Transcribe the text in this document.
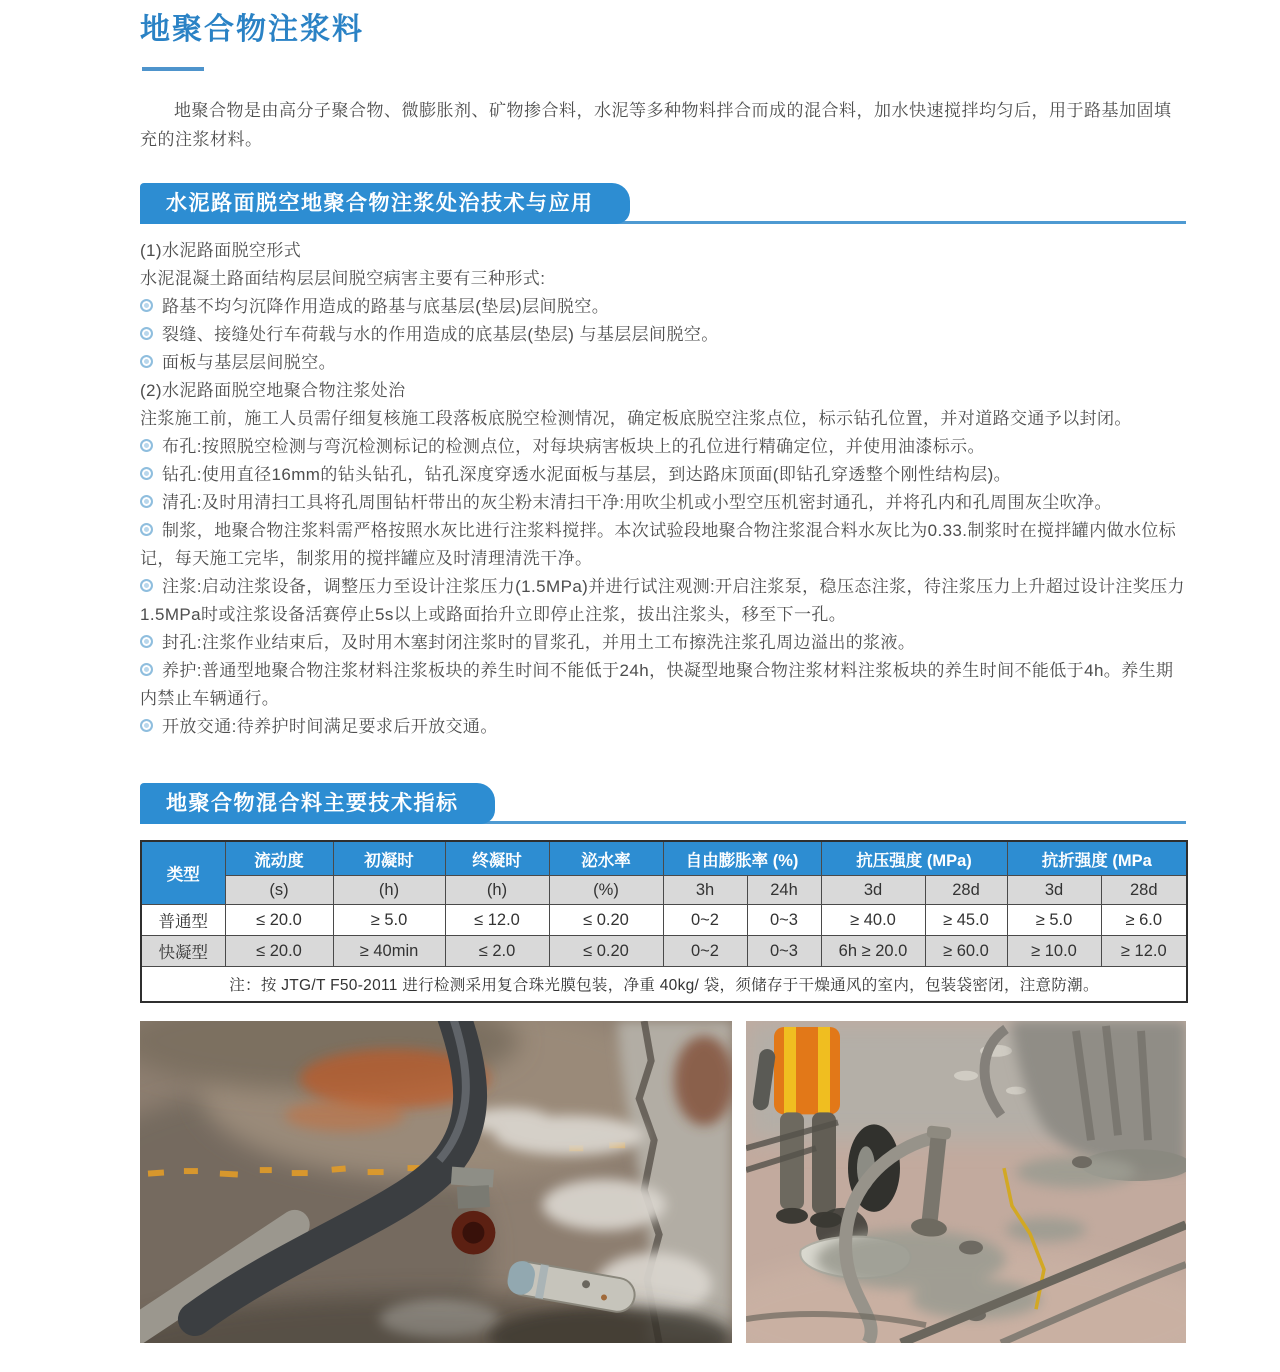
地聚合物注浆料

地聚合物是由高分子聚合物、微膨胀剂、矿物掺合料，水泥等多种物料拌合而成的混合料，加水快速搅拌均匀后，用于路基加固填充的注浆材料。

水泥路面脱空地聚合物注浆处治技术与应用

(1)水泥路面脱空形式

水泥混凝土路面结构层层间脱空病害主要有三种形式:

路基不均匀沉降作用造成的路基与底基层(垫层)层间脱空。

裂缝、接缝处行车荷载与水的作用造成的底基层(垫层) 与基层层间脱空。

面板与基层层间脱空。

(2)水泥路面脱空地聚合物注浆处治

注浆施工前，施工人员需仔细复核施工段落板底脱空检测情况，确定板底脱空注浆点位，标示钻孔位置，并对道路交通予以封闭。

布孔:按照脱空检测与弯沉检测标记的检测点位，对每块病害板块上的孔位进行精确定位，并使用油漆标示。

钻孔:使用直径16mm的钻头钻孔，钻孔深度穿透水泥面板与基层，到达路床顶面(即钻孔穿透整个刚性结构层)。

清孔:及时用清扫工具将孔周围钻杆带出的灰尘粉末清扫干净:用吹尘机或小型空压机密封通孔，并将孔内和孔周围灰尘吹净。

制浆，地聚合物注浆料需严格按照水灰比进行注浆料搅拌。本次试验段地聚合物注浆混合料水灰比为0.33.制浆时在搅拌罐内做水位标记，每天施工完毕，制浆用的搅拌罐应及时清理清洗干净。

注浆:启动注浆设备，调整压力至设计注浆压力(1.5MPa)并进行试注观测:开启注浆泵，稳压态注浆，待注浆压力上升超过设计注奖压力1.5MPa时或注浆设备活赛停止5s以上或路面抬升立即停止注浆，拔出注浆头，移至下一孔。

封孔:注浆作业结束后，及时用木塞封闭注浆时的冒浆孔，并用土工布擦洗注浆孔周边溢出的浆液。

养护:普通型地聚合物注浆材料注浆板块的养生时间不能低于24h，快凝型地聚合物注浆材料注浆板块的养生时间不能低于4h。养生期内禁止车辆通行。

开放交通:待养护时间满足要求后开放交通。

地聚合物混合料主要技术指标
类型	流动度	初凝时	终凝时	泌水率	自由膨胀率 (%)		抗压强度 (MPa)		抗折强度 (MPa	
	(s)	(h)	(h)	(%)	3h	24h	3d	28d	3d	28d
普通型	≤ 20.0	≥ 5.0	≤ 12.0	≤ 0.20	0~2	0~3	≥ 40.0	≥ 45.0	≥ 5.0	≥ 6.0
快凝型	≤ 20.0	≥ 40min	≤ 2.0	≤ 0.20	0~2	0~3	6h ≥ 20.0	≥ 60.0	≥ 10.0	≥ 12.0
注：按 JTG/T F50-2011 进行检测采用复合珠光膜包装，净重 40kg/ 袋，须储存于干燥通风的室内，包装袋密闭，注意防潮。										
